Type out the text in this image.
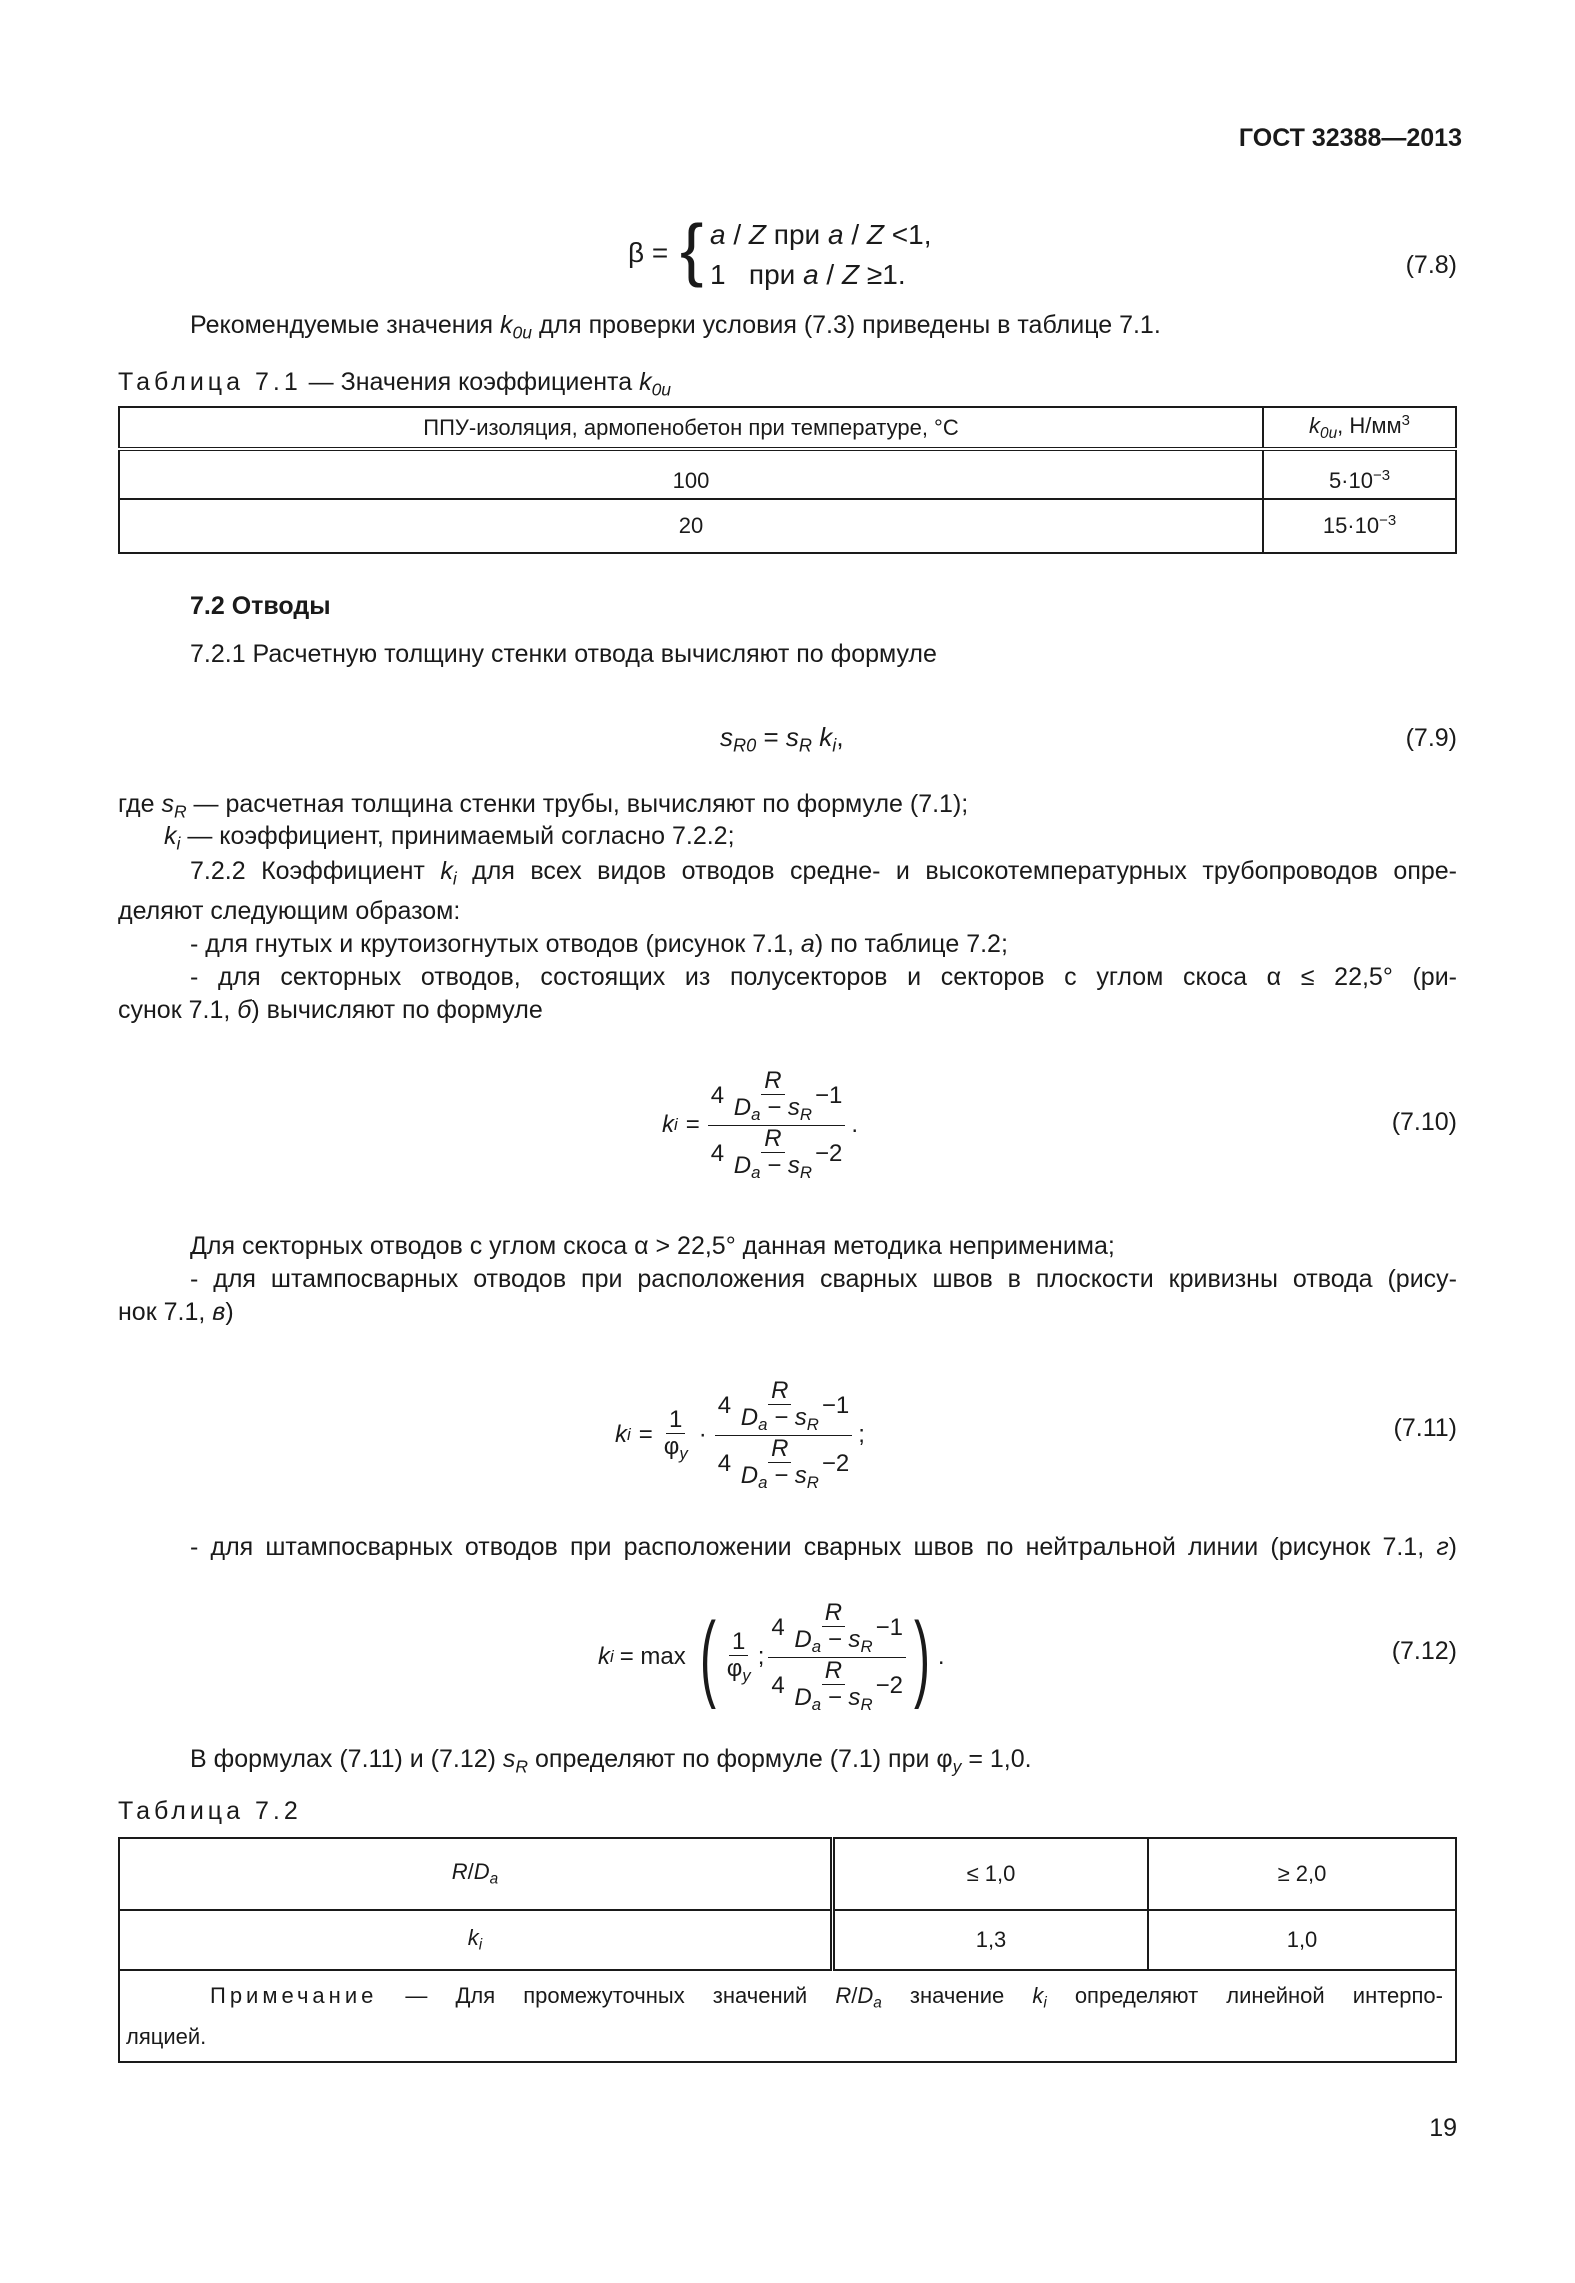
ГОСТ 32388—2013
β = { a / Z при a / Z <1,
1 при a / Z ≥1.	(7.8)
Рекомендуемые значения $k_{0u}$ для проверки условия (7.3) приведены в таблице 7.1.
Таблица 7.1 — Значения коэффициента $k_{0u}$
ППУ-изоляция, армопенобетон при температуре, °С	$k_{0u}$, $Н/мм^3$
100	$5\cdot 10^{-3}$
20	$15\cdot 10^{-3}$
7.2 Отводы
7.2.1 Расчетную толщину стенки отвода вычисляют по формуле
$s_{R0} = s_R$ $k_i$,	(7.9)
где $s_R$ — расчетная толщина стенки трубы, вычисляют по формуле (7.1);
$k_i$ — коэффициент, принимаемый согласно 7.2.2;
7.2.2 Коэффициент $k_i$ для всех видов отводов средне- и высокотемпературных трубопроводов опре-
деляют следующим образом:
- для гнутых и крутоизогнутых отводов (рисунок 7.1, а) по таблице 7.2;
- для секторных отводов, состоящих из полусекторов и секторов с углом скоса α ≤ 22,5° (ри-
сунок 7.1, б) вычисляют по формуле
k $i = \frac{4 \frac{R}{D_a - s_R} -1}{4 \frac{R}{D_a - s_R} -2}$ .	(7.10)
Для секторных отводов с углом скоса α > 22,5° данная методика неприменима;
- для штампосварных отводов при расположения сварных швов в плоскости кривизны отвода (рису-
нок 7.1, в)
k $i = \frac{1}{\varphi_y} \cdot \frac{4 \frac{R}{D_a - s_R} -1}{4 \frac{R}{D_a - s_R} -2}$ ;	(7.11)
- для штампосварных отводов при расположении сварных швов по нейтральной линии (рисунок 7.1, г)
k i = max ( $\frac{1}{\varphi_y}$ ; $\frac{4 \frac{R}{D_a - s_R} -1}{4 \frac{R}{D_a - s_R} -2}$ ) .	(7.12)
В формулах (7.11) и (7.12) $s_R$ определяют по формуле (7.1) при $\varphi_y = 1,0$.
Таблица 7.2
$R/D_a$	≤ 1,0	≥ 2,0
$k_i$	1,3	1,0

Примечание — Для промежуточных значений $R/D_a$ значение $k_i$ определяют линейной интерпо-
ляцией.		
19
